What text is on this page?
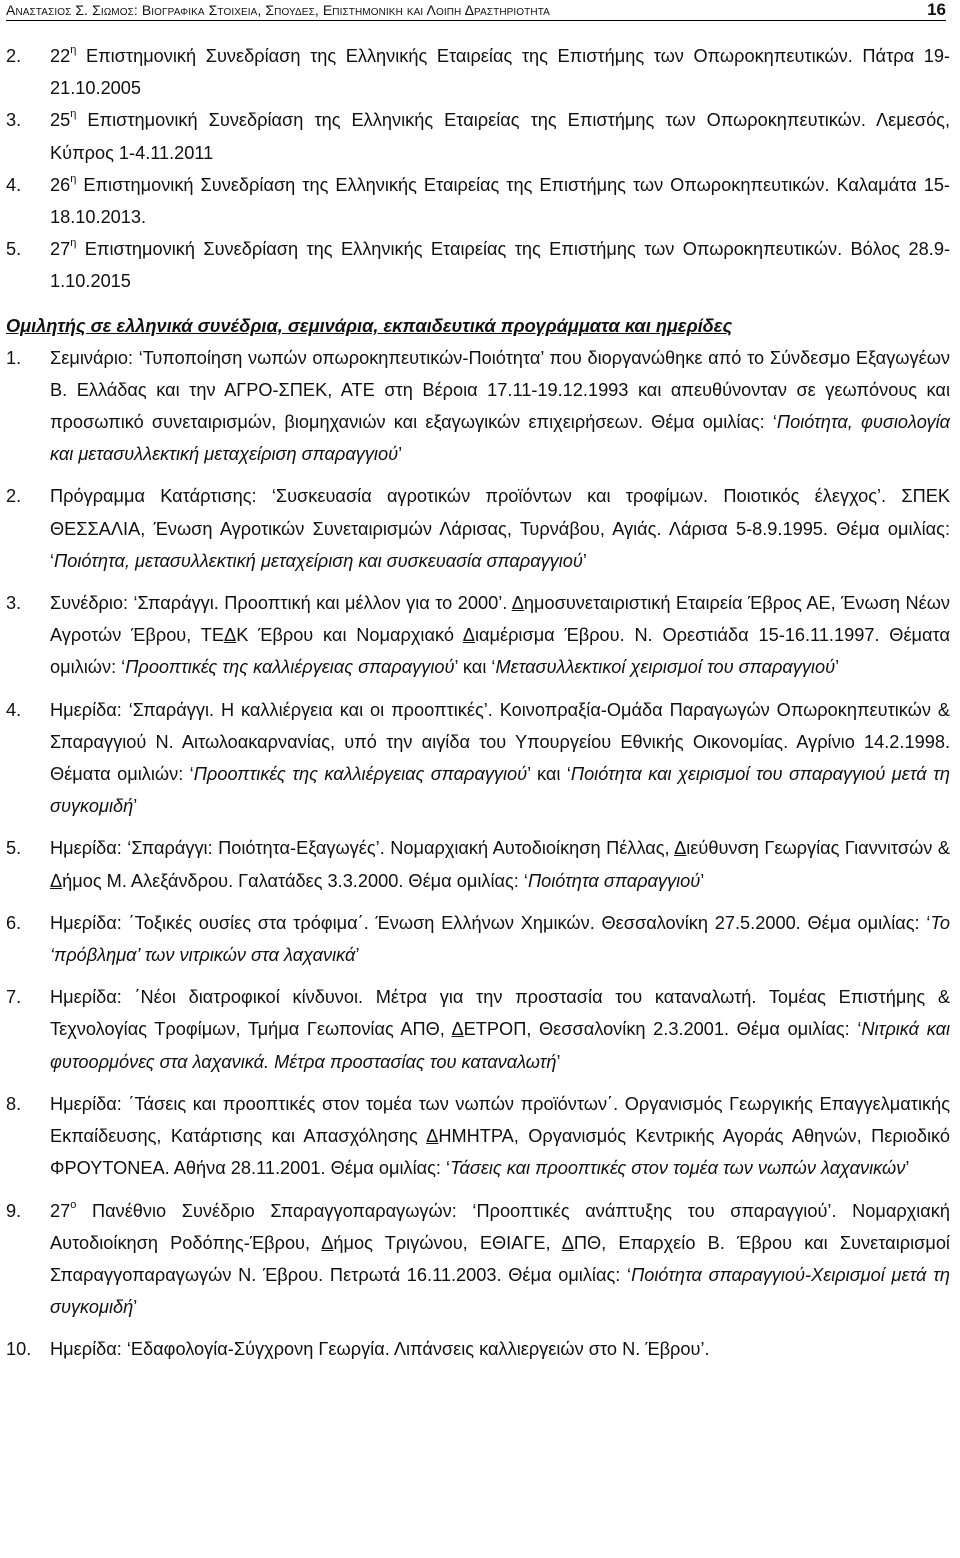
Αναστασιος Σ. Σιωμος: Βιογραφικα Στοιχεια, Σπουδες, Επιστημονικη και Λοιπη Δραστηριοτητα	16
2. $22^\eta$ Επιστημονική Συνεδρίαση της Ελληνικής Εταιρείας της Επιστήμης των Οπωροκηπευτικών. Πάτρα 19-21.10.2005
3. $25^\eta$ Επιστημονική Συνεδρίαση της Ελληνικής Εταιρείας της Επιστήμης των Οπωροκηπευτικών. Λεμεσός, Κύπρος 1-4.11.2011
4. $26^\eta$ Επιστημονική Συνεδρίαση της Ελληνικής Εταιρείας της Επιστήμης των Οπωροκηπευτικών. Καλαμάτα 15-18.10.2013.
5. $27^\eta$ Επιστημονική Συνεδρίαση της Ελληνικής Εταιρείας της Επιστήμης των Οπωροκηπευτικών. Βόλος 28.9- 1.10.2015
Ομιλητής σε ελληνικά συνέδρια, σεμινάρια, εκπαιδευτικά προγράμματα και ημερίδες
1. Σεμινάριο: ‘Τυποποίηση νωπών οπωροκηπευτικών-Ποιότητα’ που διοργανώθηκε από το Σύνδεσμο Εξαγωγέων Β. Ελλάδας και την ΑΓΡΟ-ΣΠΕΚ, ΑΤΕ στη Βέροια 17.11-19.12.1993 και απευθύνονταν σε γεωπόνους και προσωπικό συνεταιρισμών, βιομηχανιών και εξαγωγικών επιχειρήσεων. Θέμα ομιλίας: ‘Ποιότητα, φυσιολογία και μετασυλλεκτική μεταχείριση σπαραγγιού’
2. Πρόγραμμα Κατάρτισης: ‘Συσκευασία αγροτικών προϊόντων και τροφίμων. Ποιοτικός έλεγχος’. ΣΠΕΚ ΘΕΣΣΑΛΙΑ, Ένωση Αγροτικών Συνεταιρισμών Λάρισας, Τυρνάβου, Αγιάς. Λάρισα 5-8.9.1995. Θέμα ομιλίας: ‘Ποιότητα, μετασυλλεκτική μεταχείριση και συσκευασία σπαραγγιού’
3. Συνέδριο: ‘Σπαράγγι. Προοπτική και μέλλον για το 2000’. Δημοσυνεταιριστική Εταιρεία Έβρος ΑΕ, Ένωση Νέων Αγροτών Έβρου, ΤΕΔΚ Έβρου και Νομαρχιακό Διαμέρισμα Έβρου. Ν. Ορεστιάδα 15-16.11.1997. Θέματα ομιλιών: ‘Προοπτικές της καλλιέργειας σπαραγγιού’ και ‘Μετασυλλεκτικοί χειρισμοί του σπαραγγιού’
4. Ημερίδα: ‘Σπαράγγι. Η καλλιέργεια και οι προοπτικές’. Κοινοπραξία-Ομάδα Παραγωγών Οπωροκηπευτικών & Σπαραγγιού Ν. Αιτωλοακαρνανίας, υπό την αιγίδα του Υπουργείου Εθνικής Οικονομίας. Αγρίνιο 14.2.1998. Θέματα ομιλιών: ‘Προοπτικές της καλλιέργειας σπαραγγιού’ και ‘Ποιότητα και χειρισμοί του σπαραγγιού μετά τη συγκομιδή’
5. Ημερίδα: ‘Σπαράγγι: Ποιότητα-Εξαγωγές’. Νομαρχιακή Αυτοδιοίκηση Πέλλας, Διεύθυνση Γεωργίας Γιαννιτσών & Δήμος Μ. Αλεξάνδρου. Γαλατάδες 3.3.2000. Θέμα ομιλίας: ‘Ποιότητα σπαραγγιού’
6. Ημερίδα: ΄Τοξικές ουσίες στα τρόφιμα΄. Ένωση Ελλήνων Χημικών. Θεσσαλονίκη 27.5.2000. Θέμα ομιλίας: ‘Το ‘πρόβλημα’ των νιτρικών στα λαχανικά’
7. Ημερίδα: ΄Νέοι διατροφικοί κίνδυνοι. Μέτρα για την προστασία του καταναλωτή. Τομέας Επιστήμης & Τεχνολογίας Τροφίμων, Τμήμα Γεωπονίας ΑΠΘ, ΔΕΤΡΟΠ, Θεσσαλονίκη 2.3.2001. Θέμα ομιλίας: ‘Νιτρικά και φυτοορμόνες στα λαχανικά. Μέτρα προστασίας του καταναλωτή’
8. Ημερίδα: ΄Τάσεις και προοπτικές στον τομέα των νωπών προϊόντων΄. Οργανισμός Γεωργικής Επαγγελματικής Εκπαίδευσης, Κατάρτισης και Απασχόλησης ΔΗΜΗΤΡΑ, Οργανισμός Κεντρικής Αγοράς Αθηνών, Περιοδικό ΦΡΟΥΤΟΝΕΑ. Αθήνα 28.11.2001. Θέμα ομιλίας: ‘Τάσεις και προοπτικές στον τομέα των νωπών λαχανικών’
9. $27^o$ Πανέθνιο Συνέδριο Σπαραγγοπαραγωγών: ‘Προοπτικές ανάπτυξης του σπαραγγιού’. Νομαρχιακή Αυτοδιοίκηση Ροδόπης-Έβρου, Δήμος Τριγώνου, ΕΘΙΑΓΕ, ΔΠΘ, Επαρχείο Β. Έβρου και Συνεταιρισμοί Σπαραγγοπαραγωγών Ν. Έβρου. Πετρωτά 16.11.2003. Θέμα ομιλίας: ‘Ποιότητα σπαραγγιού-Χειρισμοί μετά τη συγκομιδή’
10. Ημερίδα: ‘Εδαφολογία-Σύγχρονη Γεωργία. Λιπάνσεις καλλιεργειών στο Ν. Έβρου’.
